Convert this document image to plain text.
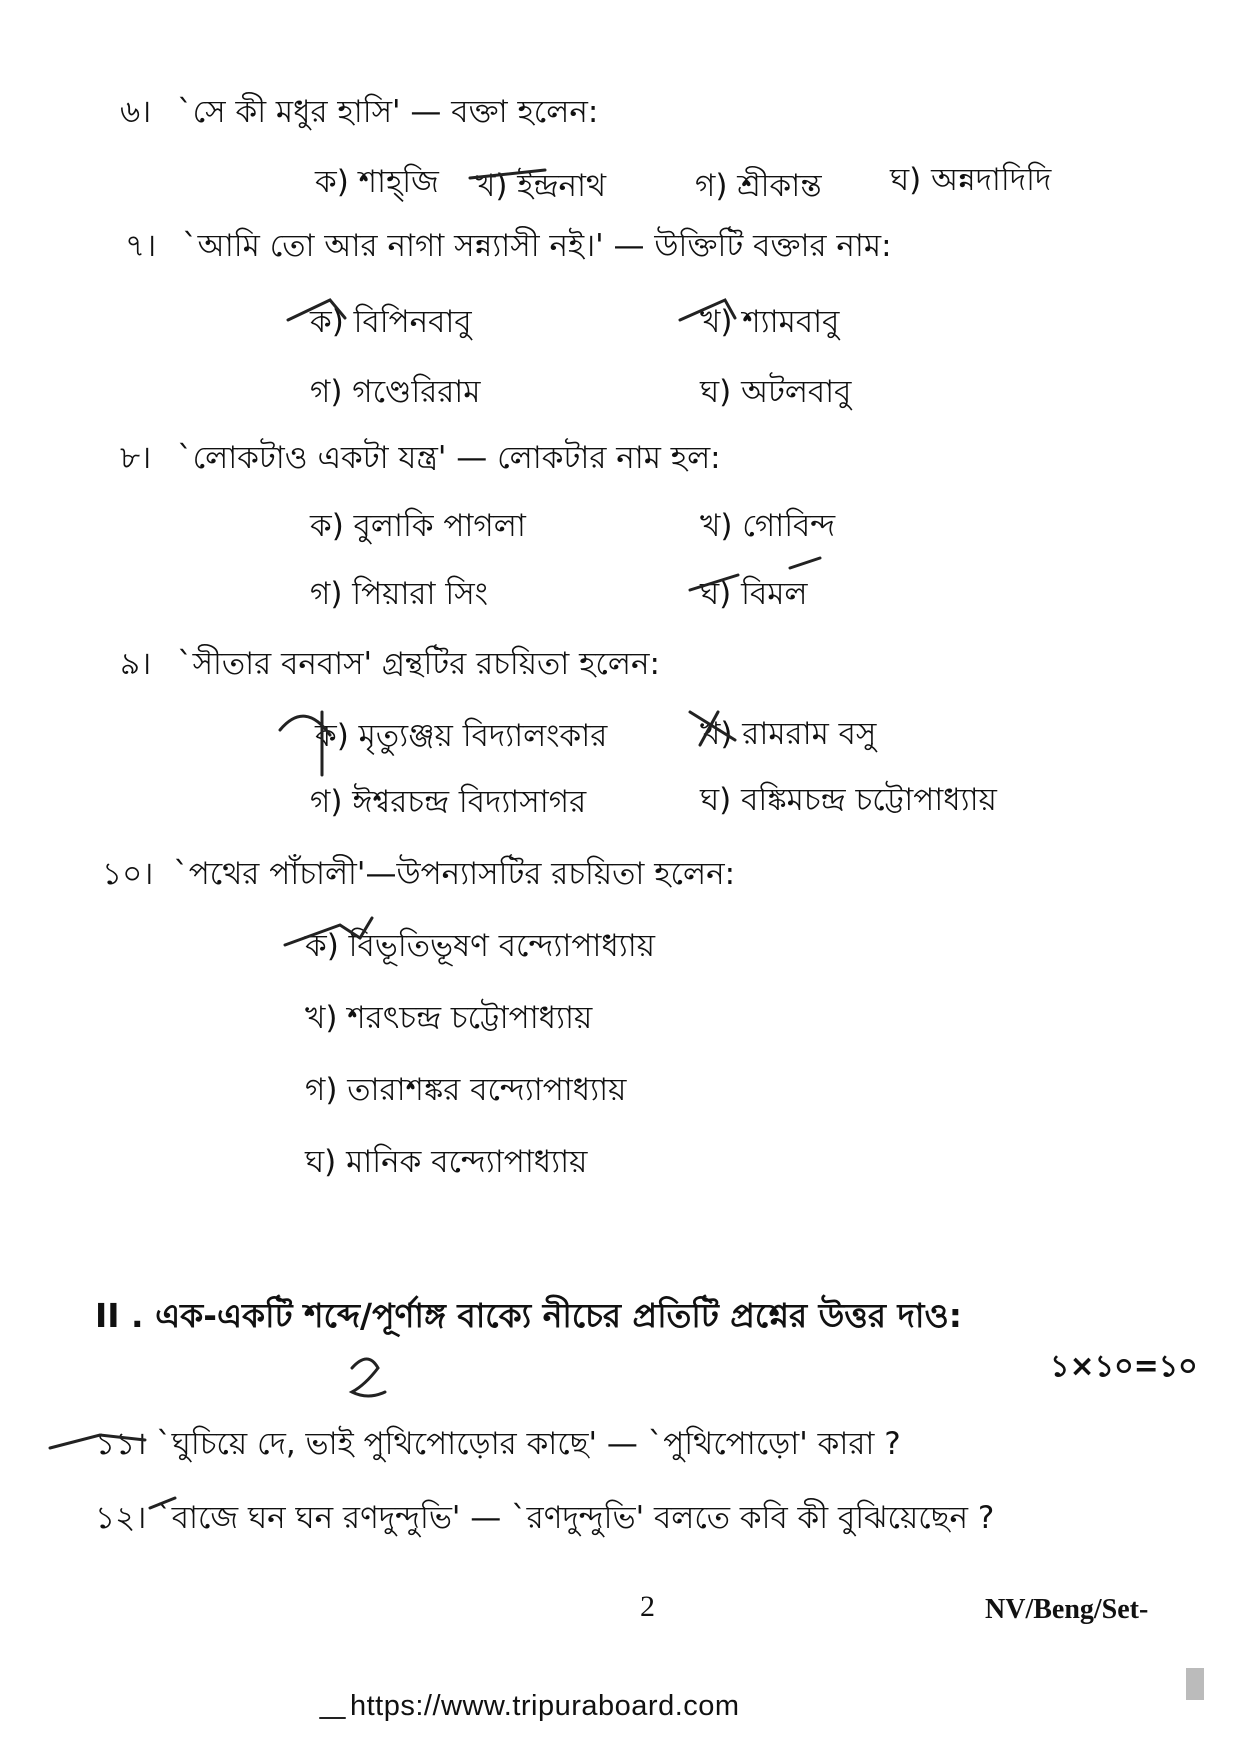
৬। `সে কী মধুর হাসি' — বক্তা হলেন:
ক) শাহ্‌জি খ) ইন্দ্রনাথ	গ) শ্রীকান্ত ঘ) অন্নদাদিদি
৭। `আমি তো আর নাগা সন্ন্যাসী নই।' — উক্তিটি বক্তার নাম:
ক) বিপিনবাবু	খ) শ্যামবাবু
গ) গণ্ডেরিরাম	ঘ) অটলবাবু
৮। `লোকটাও একটা যন্ত্র' — লোকটার নাম হল:
ক) বুলাকি পাগলা	খ) গোবিন্দ
গ) পিয়ারা সিং	ঘ) বিমল
৯। `সীতার বনবাস' গ্রন্থটির রচয়িতা হলেন:
ক) মৃত্যুঞ্জয় বিদ্যালংকার	খ) রামরাম বসু
গ) ঈশ্বরচন্দ্র বিদ্যাসাগর	ঘ) বঙ্কিমচন্দ্র চট্টোপাধ্যায়
১০। `পথের পাঁচালী'—উপন্যাসটির রচয়িতা হলেন:
ক) বিভূতিভূষণ বন্দ্যোপাধ্যায়
খ) শরৎচন্দ্র চট্টোপাধ্যায়
গ) তারাশঙ্কর বন্দ্যোপাধ্যায়
ঘ) মানিক বন্দ্যোপাধ্যায়
II . এক-একটি শব্দে/পূর্ণাঙ্গ বাক্যে নীচের প্রতিটি প্রশ্নের উত্তর দাও:
১×১০=১০
১১। `ঘুচিয়ে দে, ভাই পুথিপোড়োর কাছে' — `পুথিপোড়ো' কারা ?
১২। `বাজে ঘন ঘন রণদুন্দুভি' — `রণদুন্দুভি' বলতে কবি কী বুঝিয়েছেন ?
2	NV/Beng/Set-
https://www.tripuraboard.com
